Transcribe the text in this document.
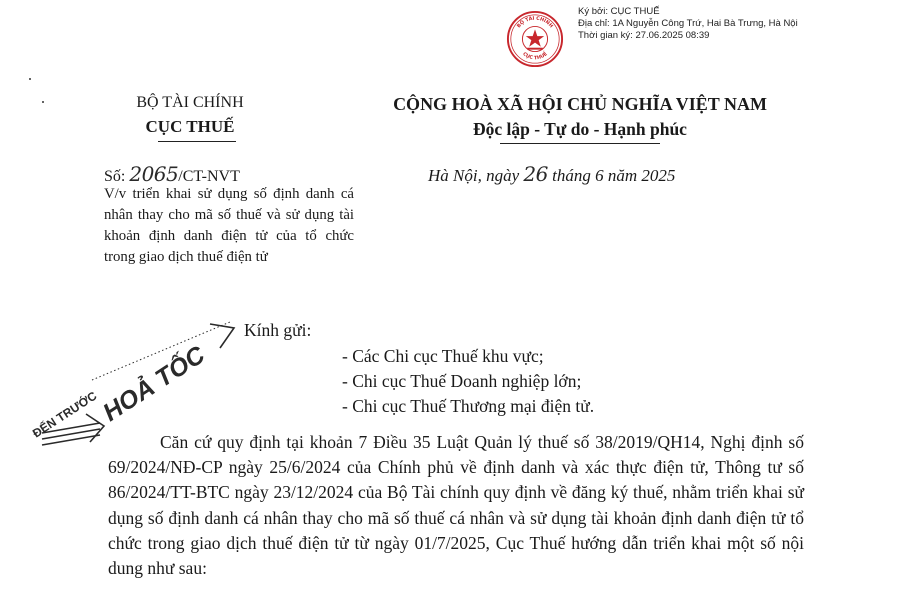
Ký bởi: CỤC THUẾ
Địa chỉ: 1A Nguyễn Công Trứ, Hai Bà Trưng, Hà Nội
Thời gian ký: 27.06.2025 08:39
BỘ TÀI CHÍNH
CỤC THUẾ
BỘ TÀI CHÍNH
CỤC THUẾ
CỘNG HOÀ XÃ HỘI CHỦ NGHĨA VIỆT NAM
Độc lập - Tự do - Hạnh phúc
Số: 2065/CT-NVT
V/v triển khai sử dụng số định danh cá nhân thay cho mã số thuế và sử dụng tài khoản định danh điện tử của tổ chức trong giao dịch thuế điện tử
Hà Nội, ngày 26 tháng 6 năm 2025
ĐẾN TRƯỚC
HOẢ TỐC
Kính gửi:
- Các Chi cục Thuế khu vực;
- Chi cục Thuế Doanh nghiệp lớn;
- Chi cục Thuế Thương mại điện tử.
Căn cứ quy định tại khoản 7 Điều 35 Luật Quản lý thuế số 38/2019/QH14, Nghị định số 69/2024/NĐ-CP ngày 25/6/2024 của Chính phủ về định danh và xác thực điện tử, Thông tư số 86/2024/TT-BTC ngày 23/12/2024 của Bộ Tài chính quy định về đăng ký thuế, nhằm triển khai sử dụng số định danh cá nhân thay cho mã số thuế cá nhân và sử dụng tài khoản định danh điện tử tổ chức trong giao dịch thuế điện tử từ ngày 01/7/2025, Cục Thuế hướng dẫn triển khai một số nội dung như sau:
